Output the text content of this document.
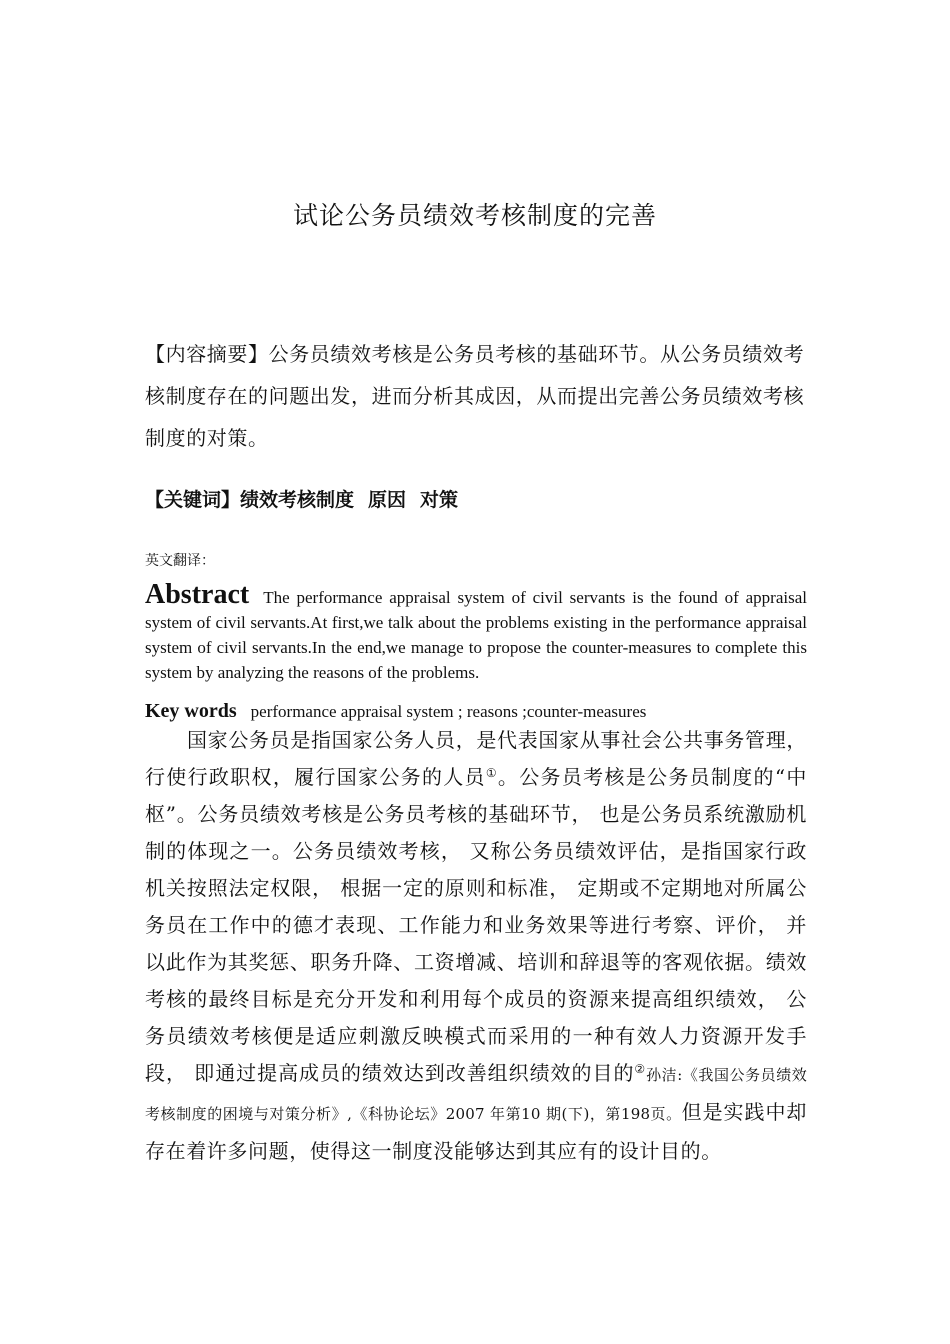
试论公务员绩效考核制度的完善
【内容摘要】公务员绩效考核是公务员考核的基础环节。从公务员绩效考核制度存在的问题出发，进而分析其成因，从而提出完善公务员绩效考核制度的对策。
【关键词】绩效考核制度 原因 对策
英文翻译：
Abstract The performance appraisal system of civil servants is the found of appraisal system of civil servants.At first,we talk about the problems existing in the performance appraisal system of civil servants.In the end,we manage to propose the counter-measures to complete this system by analyzing the reasons of the problems.
Key words performance appraisal system ; reasons ;counter-measures
国家公务员是指国家公务人员，是代表国家从事社会公共事务管理，行使行政职权，履行国家公务的人员①。公务员考核是公务员制度的“中枢”。公务员绩效考核是公务员考核的基础环节， 也是公务员系统激励机制的体现之一。公务员绩效考核， 又称公务员绩效评估，是指国家行政机关按照法定权限， 根据一定的原则和标准， 定期或不定期地对所属公务员在工作中的德才表现、工作能力和业务效果等进行考察、评价， 并以此作为其奖惩、职务升降、工资增减、培训和辞退等的客观依据。绩效考核的最终目标是充分开发和利用每个成员的资源来提高组织绩效， 公务员绩效考核便是适应刺激反映模式而采用的一种有效人力资源开发手段， 即通过提高成员的绩效达到改善组织绩效的目的②孙洁:《我国公务员绩效考核制度的困境与对策分析》,《科协论坛》2007 年第10 期(下)，第198页。但是实践中却存在着许多问题，使得这一制度没能够达到其应有的设计目的。
